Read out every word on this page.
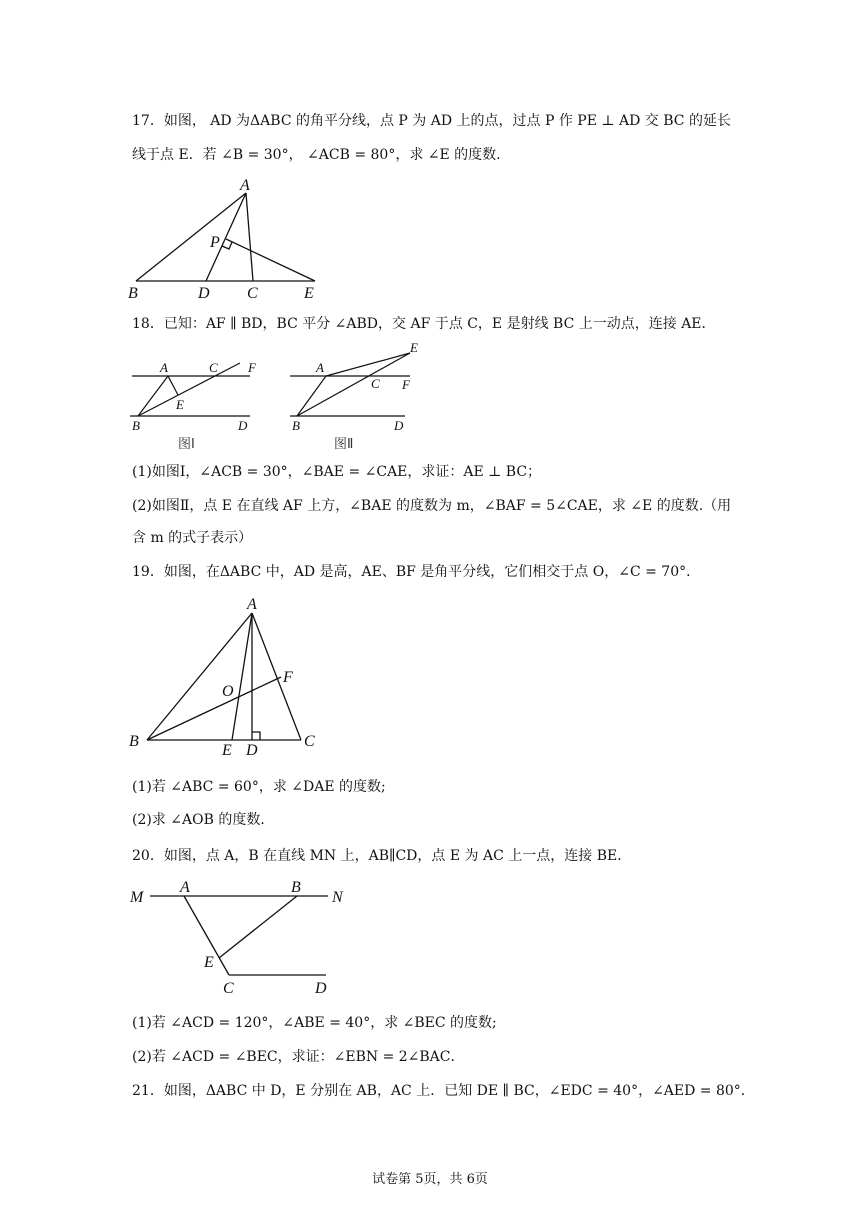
17．如图， AD 为ΔABC 的角平分线，点 P 为 AD 上的点，过点 P 作 PE ⊥ AD 交 BC 的延长
线于点 E．若 ∠B = 30°， ∠ACB = 80°，求 ∠E 的度数.
A
P
B	D C	E
18．已知：AF ∥ BD，BC 平分 ∠ABD，交 AF 于点 C，E 是射线 BC 上一动点，连接 AE．
A	C F
E
B	D
图Ⅰ
A
C F
E
B	D
图Ⅱ
(1)如图Ⅰ，∠ACB = 30°，∠BAE = ∠CAE，求证：AE ⊥ BC；
(2)如图Ⅱ，点 E 在直线 AF 上方，∠BAE 的度数为 m，∠BAF = 5∠CAE，求 ∠E 的度数.（用
含 m 的式子表示）
19．如图，在ΔABC 中，AD 是高，AE、BF 是角平分线，它们相交于点 O，∠C = 70°．
A
O
F
B
E D
C
(1)若 ∠ABC = 60°，求 ∠DAE 的度数;
(2)求 ∠AOB 的度数.
20．如图，点 A，B 在直线 MN 上，AB∥CD，点 E 为 AC 上一点，连接 BE．
M
A	B
N
E
C	D
(1)若 ∠ACD = 120°，∠ABE = 40°，求 ∠BEC 的度数;
(2)若 ∠ACD = ∠BEC，求证：∠EBN = 2∠BAC．
21．如图，ΔABC 中 D，E 分别在 AB，AC 上．已知 DE ∥ BC，∠EDC = 40°，∠AED = 80°．
试卷第 5页，共 6页
